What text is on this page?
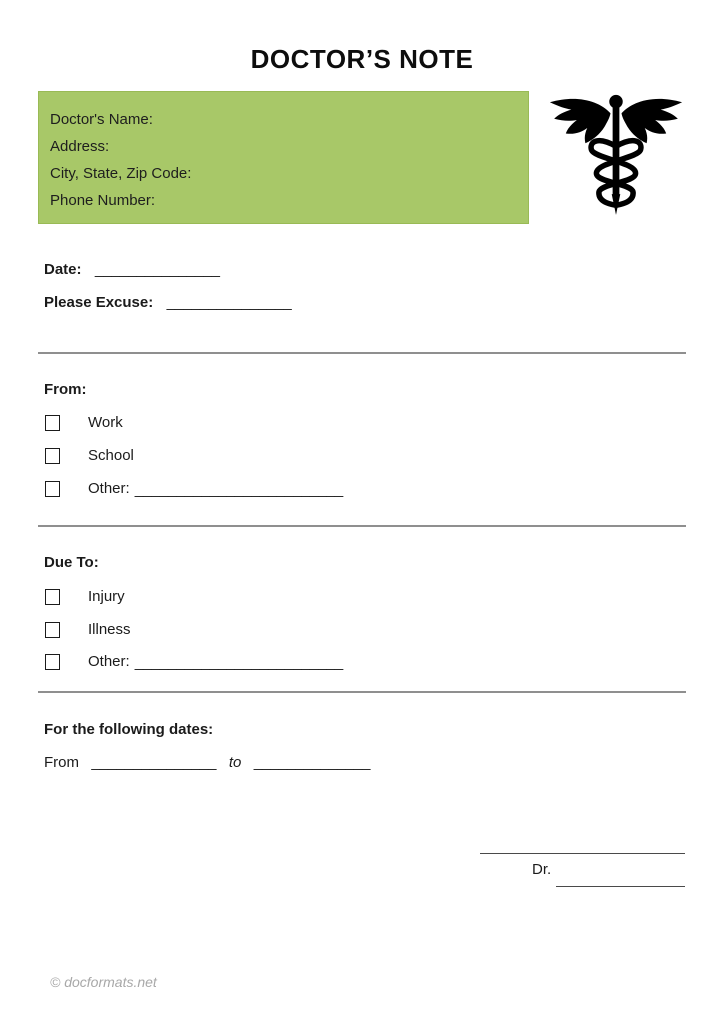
DOCTOR’S NOTE
Doctor's Name:
Address:
City, State, Zip Code:
Phone Number:
Date: _______________
Please Excuse: _______________
From:
Work
School
Other: _________________________
Due To:
Injury
Illness
Other: _________________________
For the following dates:
From _______________ to ______________
Dr.
© docformats.net
